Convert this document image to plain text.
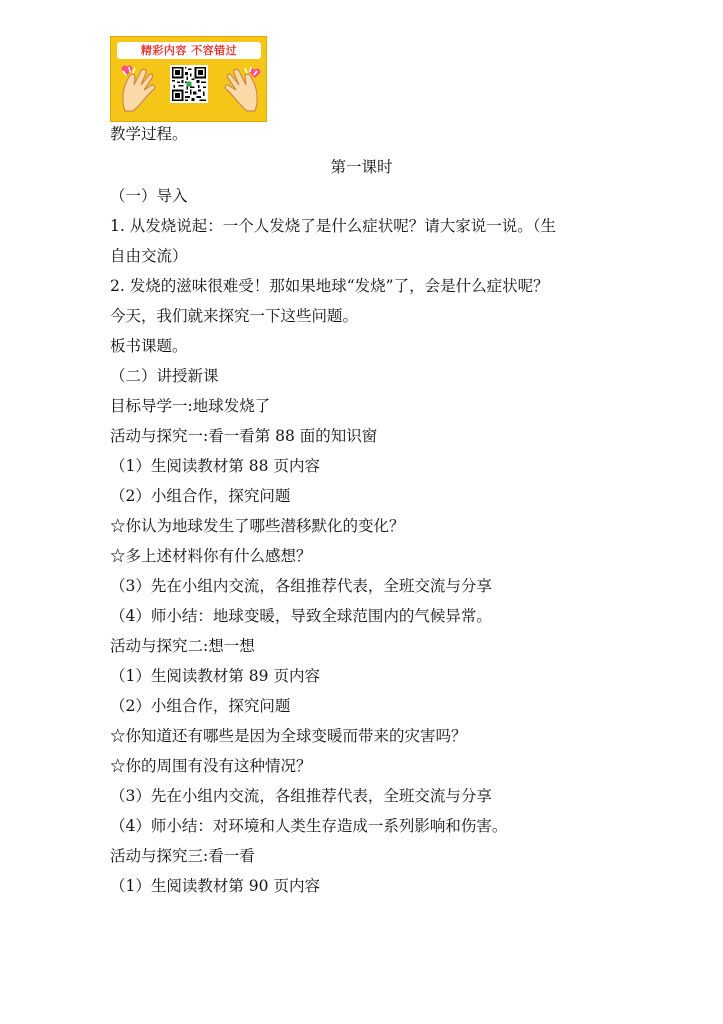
精彩内容 不容错过
教学过程。
第一课时
（一）导入
1. 从发烧说起：一个人发烧了是什么症状呢？请大家说一说。（生
自由交流）
2. 发烧的滋味很难受！那如果地球“发烧”了，会是什么症状呢？
今天，我们就来探究一下这些问题。
板书课题。
（二）讲授新课
目标导学一:地球发烧了
活动与探究一:看一看第 88 面的知识窗
（1）生阅读教材第 88 页内容
（2）小组合作，探究问题
☆你认为地球发生了哪些潜移默化的变化？
☆多上述材料你有什么感想？
（3）先在小组内交流，各组推荐代表，全班交流与分享
（4）师小结：地球变暖，导致全球范围内的气候异常。
活动与探究二:想一想
（1）生阅读教材第 89 页内容
（2）小组合作，探究问题
☆你知道还有哪些是因为全球变暖而带来的灾害吗？
☆你的周围有没有这种情况？
（3）先在小组内交流，各组推荐代表，全班交流与分享
（4）师小结：对环境和人类生存造成一系列影响和伤害。
活动与探究三:看一看
（1）生阅读教材第 90 页内容
